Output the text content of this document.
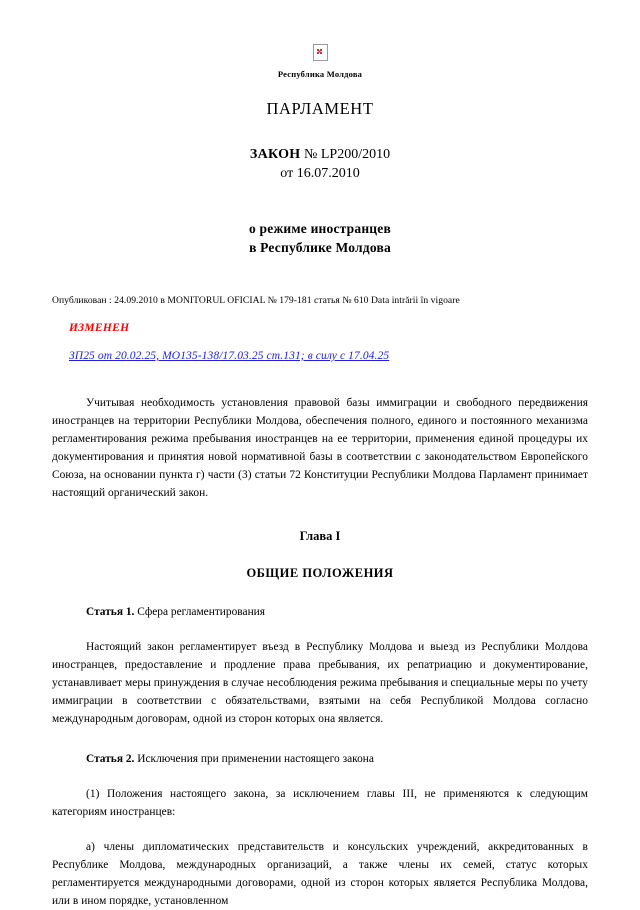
Республика Молдова
ПАРЛАМЕНТ
ЗАКОН № LP200/2010
от 16.07.2010
о режиме иностранцев
в Республике Молдова
Опубликован : 24.09.2010 в MONITORUL OFICIAL № 179-181 статья № 610 Data intrării în vigoare
ИЗМЕНЕН
ЗП25 от 20.02.25, МО135-138/17.03.25 ст.131; в силу с 17.04.25

Учитывая необходимость установления правовой базы иммиграции и свободного передвижения иностранцев на территории Республики Молдова, обеспечения полного, единого и постоянного механизма регламентирования режима пребывания иностранцев на ее территории, применения единой процедуры их документирования и принятия новой нормативной базы в соответствии с законодательством Европейского Союза, на основании пункта г) части (3) статьи 72 Конституции Республики Молдова Парламент принимает настоящий органический закон.

Глава I
ОБЩИЕ ПОЛОЖЕНИЯ
Статья 1. Сфера регламентирования

Настоящий закон регламентирует въезд в Республику Молдова и выезд из Республики Молдова иностранцев, предоставление и продление права пребывания, их репатриацию и документирование, устанавливает меры принуждения в случае несоблюдения режима пребывания и специальные меры по учету иммиграции в соответствии с обязательствами, взятыми на себя Республикой Молдова согласно международным договорам, одной из сторон которых она является.

Статья 2. Исключения при применении настоящего закона

(1) Положения настоящего закона, за исключением главы III, не применяются к следующим категориям иностранцев:

a) члены дипломатических представительств и консульских учреждений, аккредитованных в Республике Молдова, международных организаций, а также члены их семей, статус которых регламентируется международными договорами, одной из сторон которых является Республика Молдова, или в ином порядке, установленном
